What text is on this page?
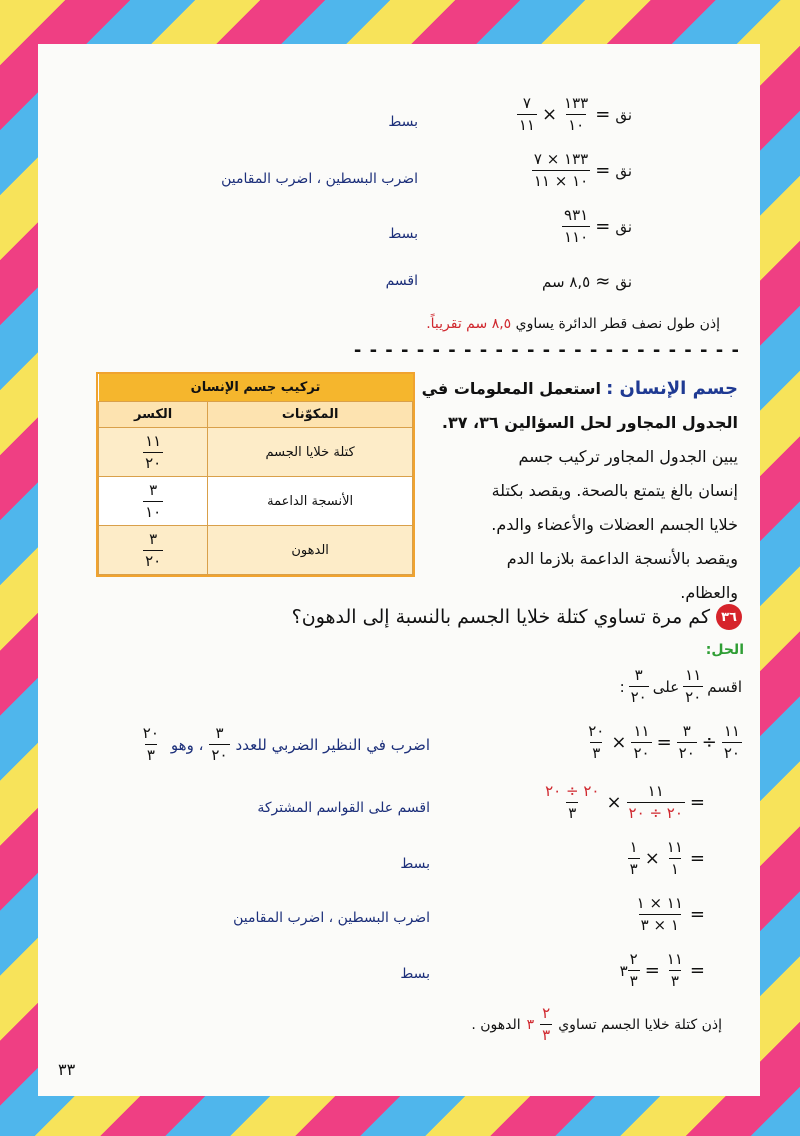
نق
=
١٣٣
١٠
×
٧
١١
بسط
نق
=
١٣٣ × ٧
١٠ × ١١
اضرب البسطين ، اضرب المقامين
نق
=
٩٣١
١١٠
بسط
نق
≈
٨,٥ سم
اقسم
إذن طول نصف قطر الدائرة يساوي ٨,٥ سم تقريباً.
- - - - - - - - - - - - - - - - - - - - - - - - -
جسم الإنسان : استعمل المعلومات في
الجدول المجاور لحل السؤالين ٣٦، ٣٧.
يبين الجدول المجاور تركيب جسم
إنسان بالغ يتمتع بالصحة. ويقصد بكتلة
خلايا الجسم العضلات والأعضاء والدم.
ويقصد بالأنسجة الداعمة بلازما الدم
والعظام.
تركيب جسم الإنسان	
المكوّنات	الكسر
كتلة خلايا الجسم	١١
٢٠

الأنسجة الداعمة	٣
١٠

الدهون	٣
٢٠
٣٦
كم مرة تساوي كتلة خلايا الجسم بالنسبة إلى الدهون؟
الحل:
اقسم
١١
٢٠
على
٣
٢٠
:
١١
٢٠
÷
٣
٢٠
=
١١
٢٠
×
٢٠
٣
اضرب في النظير الضربي للعدد
٣
٢٠
، وهو
٢٠
٣
=
١١
٢٠ ÷ ٢٠
×
٢٠ ÷ ٢٠
٣
اقسم على القواسم المشتركة
=
١١
١
×
١
٣
بسط
=
١١ × ١
١ × ٣
اضرب البسطين ، اضرب المقامين
=
١١
٣
=
٢
٣
٣
بسط
إذن كتلة خلايا الجسم تساوي
٢
٣
٣
الدهون .
٣٣
